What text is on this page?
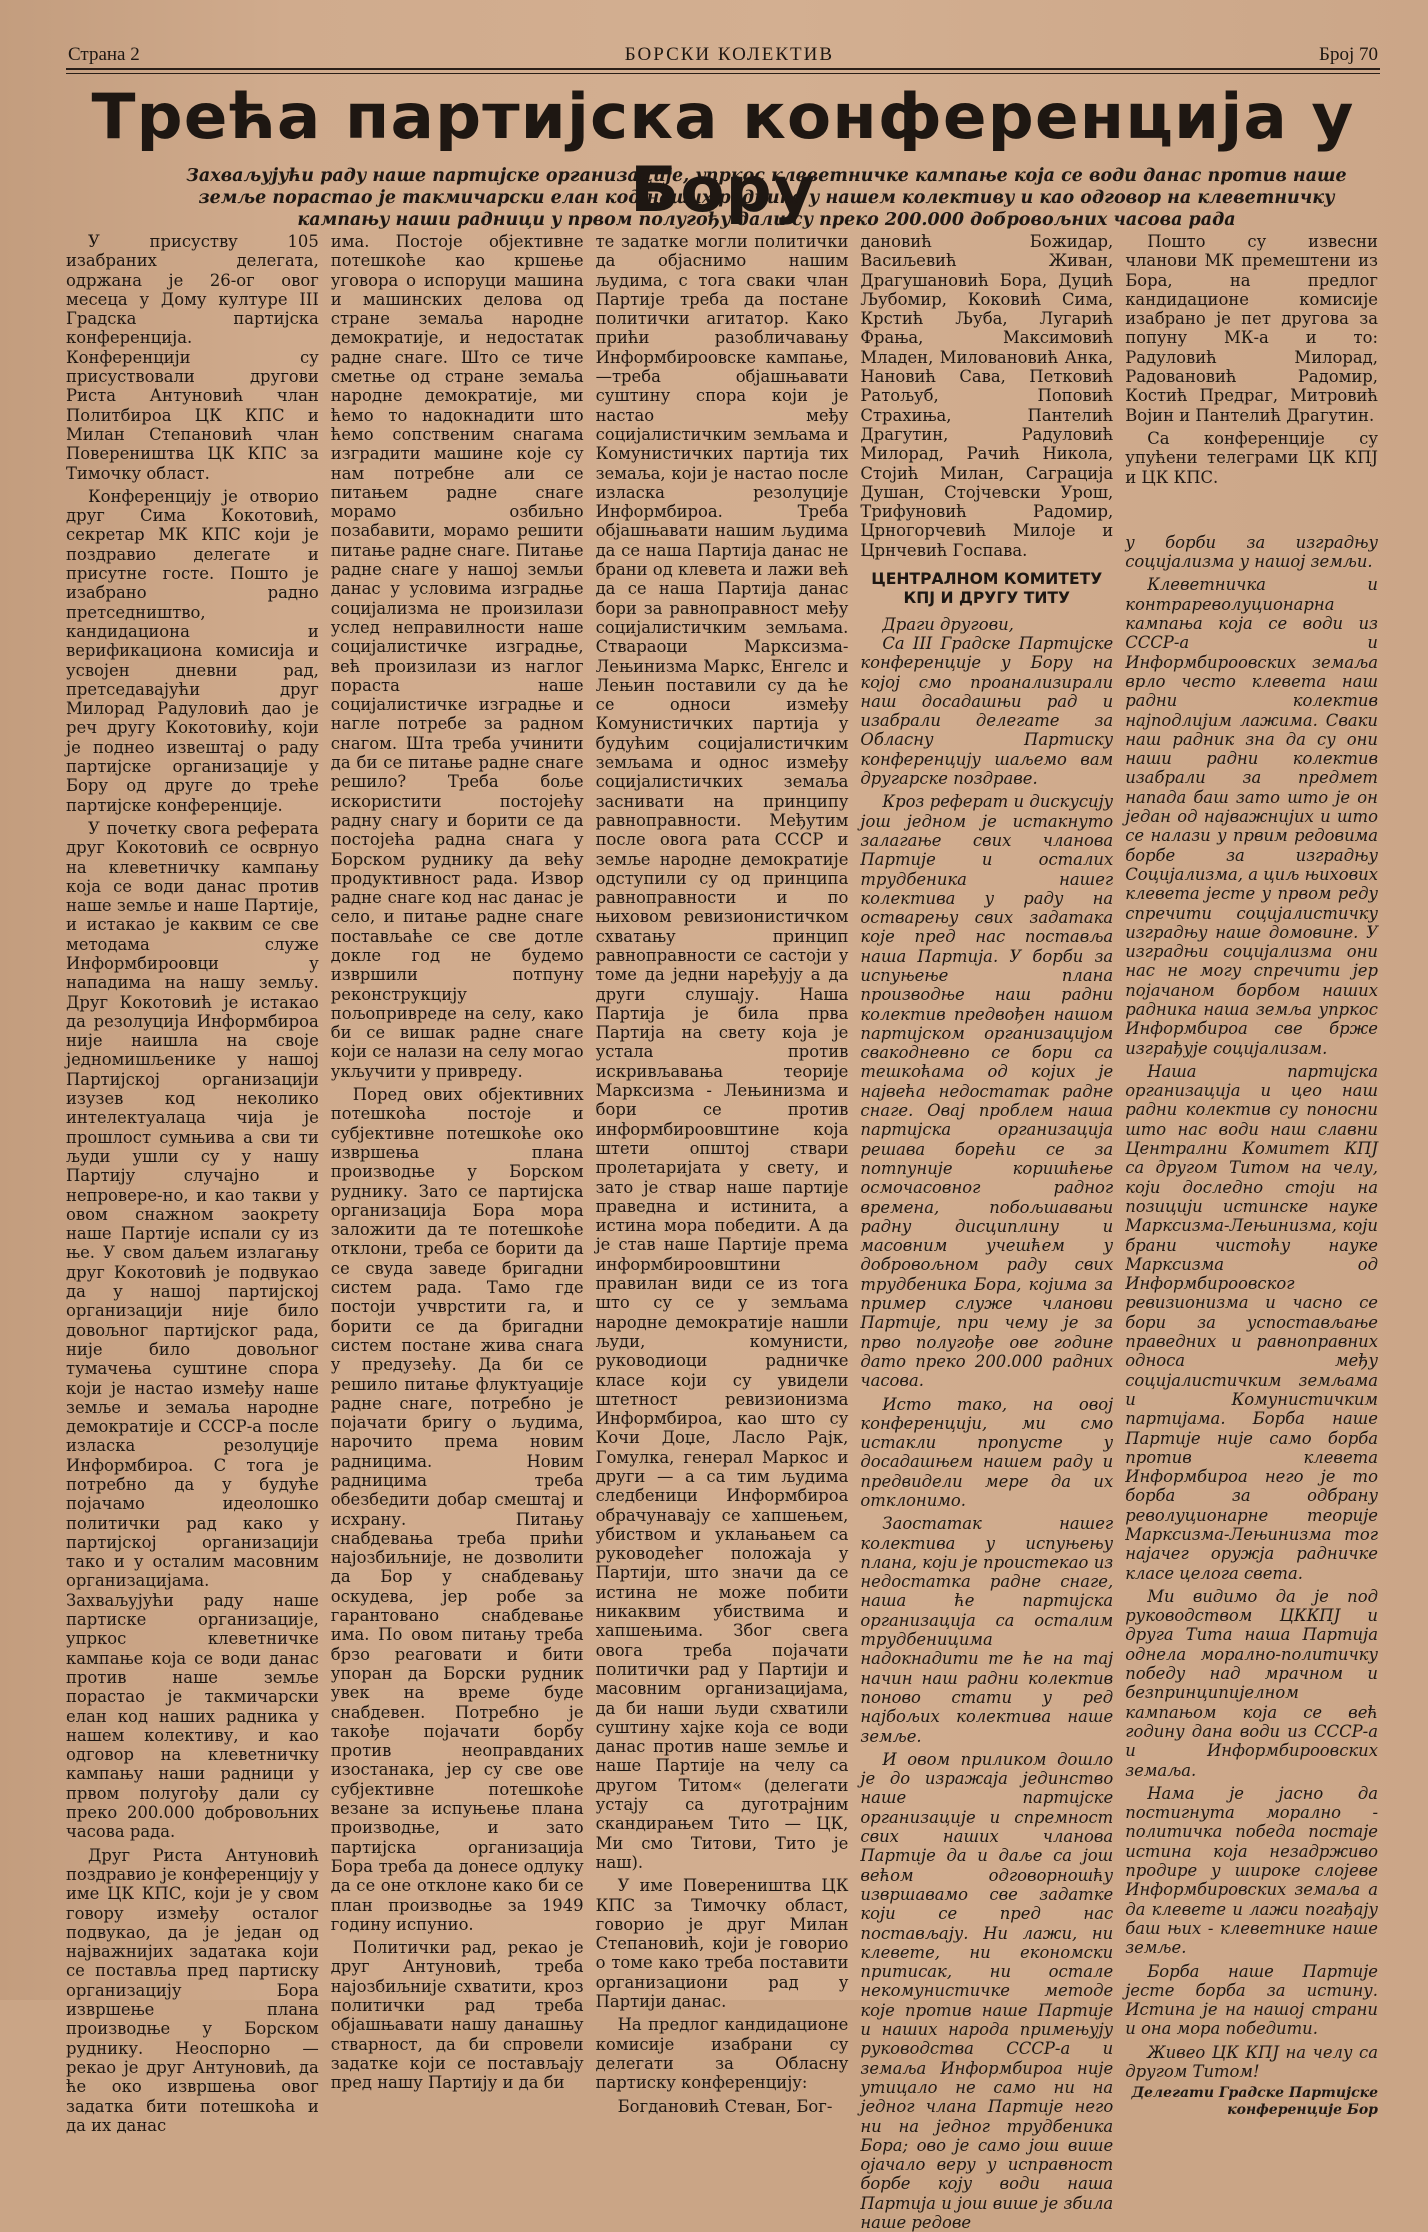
Страна 2	БОРСКИ КОЛЕКТИВ	Број 70
Трећа партијска конференција у Бору
Захваљујући раду наше партијске организације, упркос клеветничке кампање која се води данас против наше земље порастао је такмичарски елан код наших радника у нашем колективу и као одговор на клеветничку кампању наши радници у првом полугођу дали су преко 200.000 добровољних часова рада

У присуству 105 изабраних делегата, одржана је 26-ог овог месеца у Дому културе III Градска партијска конференција. Конференцији су присуствовали другови Риста Антуновић члан Политбироа ЦК КПС и Милан Степановић члан Повереништва ЦК КПС за Тимочку област.

Конференцију је отворио друг Сима Кокотовић, секретар МК КПС који је поздравио делегате и присутне госте. Пошто је изабрано радно претседништво, кандидациона и верификациона комисија и усвојен дневни рад, претседавајући друг Милорад Радуловић дао је реч другу Кокотовићу, који је поднео извештај о раду партијске организације у Бору од друге до треће партијске конференције.

У почетку свога реферата друг Кокотовић се осврнуо на клеветничку кампању која се води данас против наше земље и наше Партије, и истакао је каквим се све методама служе Информбироовци у нападима на нашу земљу. Друг Кокотовић је истакао да резолуција Информбироа није наишла на своје једномишљенике у нашој Партијској организацији изузев код неколико интелектуалаца чија је прошлост сумњива а сви ти људи ушли су у нашу Партију случајно и непровере-но, и као такви у овом снажном заокрету наше Партије испали су из ње. У свом даљем излагању друг Кокотовић је подвукао да у нашој партијској организацији није било довољног партијског рада, није било довољног тумачења суштине спора који је настао између наше земље и земаља народне демократије и СССР-а после изласка резолуције Информбироа. С тога је потребно да у будуће појачамо идеолошко политички рад како у партијској организацији тако и у осталим масовним организацијама. Захваљујући раду наше партиске организације, упркос клеветничке кампање која се води данас против наше земље порастао је такмичарски елан код наших радника у нашем колективу, и као одговор на клеветничку кампању наши радници у првом полугођу дали су преко 200.000 добровољних часова рада.

Друг Риста Антуновић поздравио је конференцију у име ЦК КПС, који је у свом говору између осталог подвукао, да је један од најважнијих задатака који се поставља пред партиску организацију Бора извршење плана производње у Борском руднику. Неоспорно — рекао је друг Антуновић, да ће око извршења овог задатка бити потешкоћа и да их данас

има. Постоје објективне потешкоће као кршење уговора о испоруци машина и машинских делова од стране земаља народне демократије, и недостатак радне снаге. Што се тиче сметње од стране земаља народне демократије, ми ћемо то надокнадити што ћемо сопственим снагама изградити машине које су нам потребне али се питањем радне снаге морамо озбиљно позабавити, морамо решити питање радне снаге. Питање радне снаге у нашој земљи данас у условима изградње социјализма не произилази услед неправилности наше социјалистичке изградње, већ произилази из наглог пораста наше социјалистичке изградње и нагле потребе за радном снагом. Шта треба учинити да би се питање радне снаге решило? Треба боље искористити постојећу радну снагу и борити се да постојећа радна снага у Борском руднику да већу продуктивност рада. Извор радне снаге код нас данас је село, и питање радне снаге постављаће се све дотле докле год не будемо извршили потпуну реконструкцију пољопривреде на селу, како би се вишак радне снаге који се налази на селу могао укључити у привреду.

Поред ових објективних потешкоћа постоје и субјективне потешкоће око извршења плана производње у Борском руднику. Зато се партијска организација Бора мора заложити да те потешкоће отклони, треба се борити да се свуда заведе бригадни систем рада. Тамо где постоји учврстити га, и борити се да бригадни систем постане жива снага у предузећу. Да би се решило питање флуктуације радне снаге, потребно је појачати бригу о људима, нарочито према новим радницима. Новим радницима треба обезбедити добар смештај и исхрану. Питању снабдевања треба прићи најозбиљније, не дозволити да Бор у снабдевању оскудева, јер робе за гарантовано снабдевање има. По овом питању треба брзо реаговати и бити упоран да Борски рудник увек на време буде снабдевен. Потребно је такође појачати борбу против неоправданих изостанака, јер су све ове субјективне потешкоће везане за испуњење плана производње, и зато партијска организација Бора треба да донесе одлуку да се оне отклоне како би се план производње за 1949 годину испунио.

Политички рад, рекао је друг Антуновић, треба најозбиљније схватити, кроз политички рад треба објашњавати нашу данашњу стварност, да би спровели задатке који се постављају пред нашу Партију и да би

те задатке могли политички да објаснимо нашим људима, с тога сваки члан Партије треба да постане политички агитатор. Како прићи разобличавању Информбироовске кампање,—треба објашњавати суштину спора који је настао међу социјалистичким земљама и Комунистичких партија тих земаља, који је настао после изласка резолуције Информбироа. Треба објашњавати нашим људима да се наша Партија данас не брани од клевета и лажи већ да се наша Партија данас бори за равноправност међу социјалистичким земљама. Ствараоци Марксизма-Лењинизма Маркс, Енгелс и Лењин поставили су да ће се односи између Комунистичких партија у будућим социјалистичким земљама и однос између социјалистичких земаља заснивати на принципу равноправности. Међутим после овога рата СССР и земље народне демократије одступили су од принципа равноправности и по њиховом ревизионистичком схватању принцип равноправности се састоји у томе да једни наређују а да други слушају. Наша Партија је била прва Партија на свету која је устала против искривљавања теорије Марксизма - Лењинизма и бори се против информбироовштине која штети општој ствари пролетаријата у свету, и зато је ствар наше партије праведна и истинита, а истина мора победити. А да је став наше Партије према информбироовштини правилан види се из тога што су се у земљама народне демократије нашли људи, комунисти, руководиоци радничке класе који су увидели штетност ревизионизма Информбироа, као што су Кочи Доџе, Ласло Рајк, Гомулка, генерал Маркос и други — а са тим људима следбеници Информбироа обрачунавају се хапшењем, убиством и уклањањем са руководећег положаја у Партији, што значи да се истина не може побити никаквим убиствима и хапшењима. Због свега овога треба појачати политички рад у Партији и масовним организацијама, да би наши људи схватили суштину хајке која се води данас против наше земље и наше Партије на челу са другом Титом« (делегати устају са дуготрајним скандирањем Тито — ЦК, Ми смо Титови, Тито је наш).

У име Повереништва ЦК КПС за Тимочку област, говорио је друг Милан Степановић, који је говорио о томе како треба поставити организациони рад у Партији данас.

На предлог кандидационе комисије изабрани су делегати за Обласну партиску конференцију:

Богдановић Стеван, Бог-

дановић Божидар, Васиљевић Живан, Драгушановић Бора, Дуцић Љубомир, Коковић Сима, Крстић Љуба, Лугарић Фрања, Максимовић Младен, Миловановић Анка, Нановић Сава, Петковић Ратољуб, Поповић Страхиња, Пантелић Драгутин, Радуловић Милорад, Рачић Никола, Стојић Милан, Саграција Душан, Стојчевски Урош, Трифуновић Радомир, Црногорчевић Милоје и Црнчевић Госпава.

ЦЕНТРАЛНОМ КОМИТЕТУ КПЈ И ДРУГУ ТИТУ

Драги другови,

Са III Градске Партијске конференције у Бору на којој смо проанализирали наш досадашњи рад и изабрали делегате за Обласну Партиску конференцију шаљемо вам другарске поздраве.

Кроз реферат и дискусију још једном је истакнуто залагање свих чланова Партије и осталих трудбеника нашег колектива у раду на остварењу свих задатака које пред нас поставља наша Партија. У борби за испуњење плана производње наш радни колектив предвођен нашом партијском организацијом свакодневно се бори са тешкоћама од којих је највећа недостатак радне снаге. Овај проблем наша партијска организација решава борећи се за потпуније коришћење осмочасовног радног времена, побољшавањи радну дисциплину и масовним учешћем у добровољном раду свих трудбеника Бора, којима за пример служе чланови Партије, при чему је за прво полугође ове године дато преко 200.000 радних часова.

Исто тако, на овој конференцији, ми смо истакли пропусте у досадашњем нашем раду и предвидели мере да их отклонимо.

Заостатак нашег колектива у испуњењу плана, који је проистекао из недостатка радне снаге, наша ће партијска организација са осталим трудбеницима надокнадити те ће на тај начин наш радни колектив поново стати у ред најбољих колектива наше земље.

И овом приликом дошло је до изражаја јединство наше партијске организације и спремност свих наших чланова Партије да и даље са још већом одговорношћу извршавамо све задатке који се пред нас постављају. Ни лажи, ни клевете, ни економски притисак, ни остале некомунистичке методе које против наше Партије и наших народа примењују руководства СССР-а и земаља Информбироа није утицало не само ни на једног члана Партије него ни на једног трудбеника Бора; ово је само још више ојачало веру у исправност борбе коју води наша Партија и још више је збила наше редове

Пошто су извесни чланови МК премештени из Бора, на предлог кандидационе комисије изабрано је пет другова за попуну МК-а и то: Радуловић Милорад, Радовановић Радомир, Костић Предраг, Митровић Војин и Пантелић Драгутин.

Са конференције су упућени телеграми ЦК КПЈ и ЦК КПС.

у борби за изградњу социјализма у нашој земљи.

Клеветничка и контрареволуционарна кампања која се води из СССР-а и Информбироовских земаља врло често клевета наш радни колектив најподлијим лажима. Сваки наш радник зна да су они наши радни колектив изабрали за предмет напада баш зато што је он један од најважнијих и што се налази у првим редовима борбе за изградњу Социјализма, а циљ њихових клевета јесте у првом реду спречити социјалистичку изградњу наше домовине. У изградњи социјализма они нас не могу спречити јер појачаном борбом наших радника наша земља упркос Информбироа све брже изграђује социјализам.

Наша партијска организација и цео наш радни колектив су поносни што нас води наш славни Централни Комитет КПЈ са другом Титом на челу, који доследно стоји на позицији истинске науке Марксизма-Лењинизма, који брани чистоћу науке Марксизма од Информбироовског ревизионизма и часно се бори за успостављање праведних и равноправних односа међу социјалистичким земљама и Комунистичким партијама. Борба наше Партије није само борба против клевета Информбироа него је то борба за одбрану револуционарне теорије Марксизма-Лењинизма тог најачег оружја радничке класе целога света.

Ми видимо да је под руководством ЦККПЈ и друга Тита наша Партија однела морално-политичку победу над мрачном и безпринципијелном кампањом која се већ годину дана води из СССР-а и Информбироовских земаља.

Нама је јасно да постигнута морално - политичка победа постаје истина која незадрживо продире у широке слојеве Информбировских земаља а да клевете и лажи погађају баш њих - клеветнике наше земље.

Борба наше Партије јесте борба за истину. Истина је на нашој страни и она мора победити.

Живео ЦК КПЈ на челу са другом Титом!

Делегати Градске Партијске конференције Бор
